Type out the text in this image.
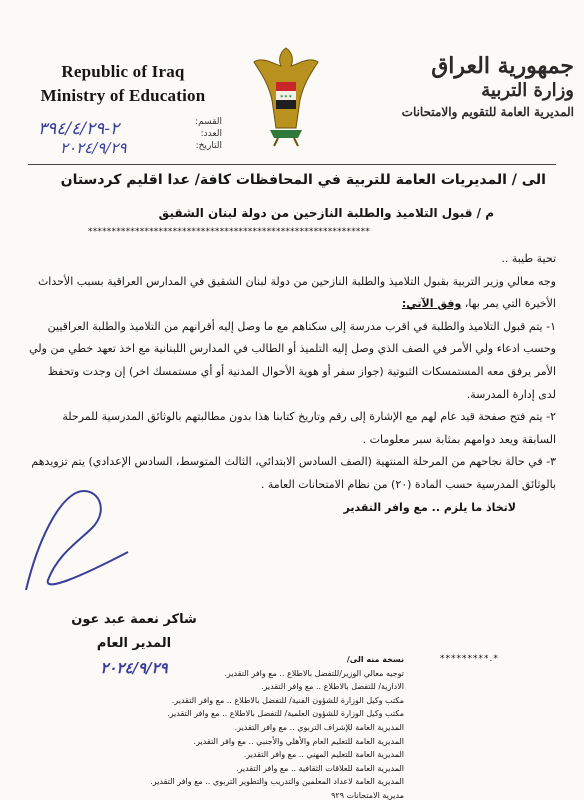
Republic of Iraq
Ministry of Education	✶✶✶
جمهورية العراق
وزارة التربية
المديرية العامة للتقويم والامتحانات
القسم:
العدد:
التاريخ:
٢-٣٩٤/٤/٢٩
٢٠٢٤/٩/٢٩
الى / المديريات العامة للتربية في المحافظات كافة/ عدا اقليم كردستان
م / قبول التلاميذ والطلبة النازحين من دولة لبنان الشقيق
************************************************************

تحية طيبة ..

وجه معالي وزير التربية بقبول التلاميذ والطلبة النازحين من دولة لبنان الشقيق في المدارس العراقية بسبب الأحداث الأخيرة التي يمر بها، وفق الآتي:

١- يتم قبول التلاميذ والطلبة في اقرب مدرسة إلى سكناهم مع ما وصل إليه أقرانهم من التلاميذ والطلبة العراقيين وحسب ادعاء ولي الأمر في الصف الذي وصل إليه التلميذ أو الطالب في المدارس اللبنانية مع اخذ تعهد خطي من ولي الأمر يرفق معه المستمسكات الثبوتية (جواز سفر أو هوية الأحوال المدنية أو أي مستمسك اخر) إن وجدت وتحفظ لدى إدارة المدرسة.

٢- يتم فتح صفحة قيد عام لهم مع الإشارة إلى رقم وتاريخ كتابنا هذا بدون مطالبتهم بالوثائق المدرسية للمرحلة السابقة ويعد دوامهم بمثابة سبر معلومات .

٣- في حالة نجاحهم من المرحلة المنتهية (الصف السادس الابتدائي، الثالث المتوسط، السادس الإعدادي) يتم تزويدهم بالوثائق المدرسية حسب المادة (٢٠) من نظام الامتحانات العامة .

لاتخاذ ما يلزم .. مع وافر التقدير

شاكر نعمة عبد عون
المدير العام
٢٠٢٤/٩/٢٩	*********.*
نسخة منه الى/
توجيه معالي الوزير/للتفضل بالاطلاع .. مع وافر التقدير.
الادارية/ للتفضل بالاطلاع .. مع وافر التقدير.
مكتب وكيل الوزارة للشؤون الفنية/ للتفضل بالاطلاع .. مع وافر التقدير.
مكتب وكيل الوزارة للشؤون العلمية/ للتفضل بالاطلاع .. مع وافر التقدير.
المديرية العامة للإشراف التربوي .. مع وافر التقدير.
المديرية العامة للتعليم العام والأهلي والأجنبي .. مع وافر التقدير.
المديرية العامة للتعليم المهني .. مع وافر التقدير.
المديرية العامة للعلاقات الثقافية .. مع وافر التقدير.
المديرية العامة لاعداد المعلمين والتدريب والتطوير التربوي .. مع وافر التقدير.
مديرية الامتحانات ٩٢٩
